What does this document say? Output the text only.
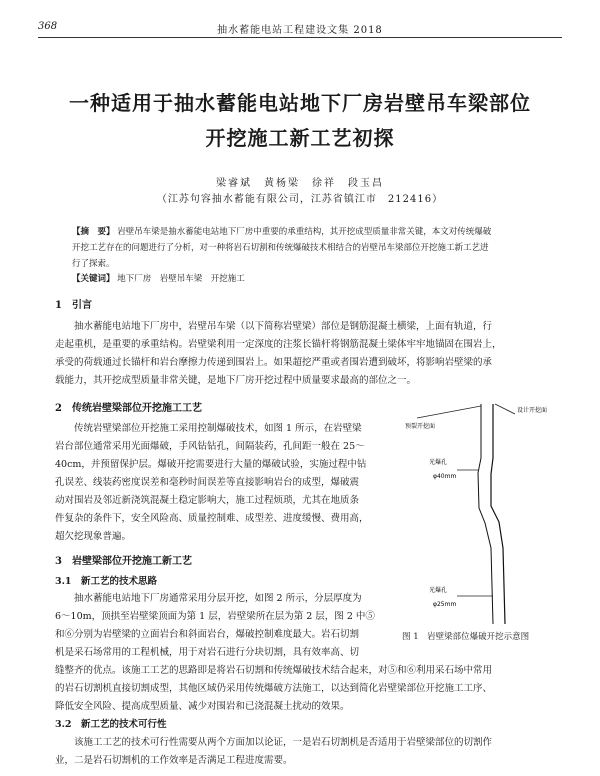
368	抽水蓄能电站工程建设文集 2018
一种适用于抽水蓄能电站地下厂房岩壁吊车梁部位
开挖施工新工艺初探
梁睿斌　黄杨梁　徐祥　段玉昌
（江苏句容抽水蓄能有限公司，江苏省镇江市　212416）
【摘　要】 岩壁吊车梁是抽水蓄能电站地下厂房中重要的承重结构，其开挖成型质量非常关键，本文对传统爆破
开挖工艺存在的问题进行了分析，对一种将岩石切割和传统爆破技术相结合的岩壁吊车梁部位开挖施工新工艺进
行了探索。
【关键词】 地下厂房　岩壁吊车梁　开挖施工
1　引言
抽水蓄能电站地下厂房中，岩壁吊车梁（以下简称岩壁梁）部位是钢筋混凝土横梁，上面有轨道，行
走起重机，是重要的承重结构。岩壁梁利用一定深度的注浆长锚杆将钢筋混凝土梁体牢牢地锚固在围岩上，
承受的荷载通过长锚杆和岩台摩擦力传递到围岩上。如果超挖严重或者围岩遭到破坏，将影响岩壁梁的承
载能力，其开挖成型质量非常关键，是地下厂房开挖过程中质量要求最高的部位之一。
2　传统岩壁梁部位开挖施工工艺
传统岩壁梁部位开挖施工采用控制爆破技术，如图 1 所示，在岩壁梁
岩台部位通常采用光面爆破，手风钻钻孔，间隔装药，孔间距一般在 25～
40cm，并预留保护层。爆破开挖需要进行大量的爆破试验，实施过程中钻
孔误差、线装药密度误差和毫秒时间误差等直接影响岩台的成型，爆破震
动对围岩及邻近新浇筑混凝土稳定影响大，施工过程烦琐，尤其在地质条
件复杂的条件下，安全风险高、质量控制难、成型差、进度缓慢、费用高，
超欠挖现象普遍。
3　岩壁梁部位开挖施工新工艺
3.1　新工艺的技术思路
抽水蓄能电站地下厂房通常采用分层开挖，如图 2 所示，分层厚度为
6～10m，顶拱至岩壁梁顶面为第 1 层，岩壁梁所在层为第 2 层，图 2 中⑤
和⑥分别为岩壁梁的立面岩台和斜面岩台，爆破控制难度最大。岩石切割
机是采石场常用的工程机械，用于对岩石进行分块切割，具有效率高、切
缝整齐的优点。该施工工艺的思路即是将岩石切割和传统爆破技术结合起来，对⑤和⑥利用采石场中常用
的岩石切割机直接切割成型，其他区域仍采用传统爆破方法施工，以达到简化岩壁梁部位开挖施工工序、
降低安全风险、提高成型质量、减少对围岩和已浇混凝土扰动的效果。
3.2　新工艺的技术可行性
该施工工艺的技术可行性需要从两个方面加以论证，一是岩石切割机是否适用于岩壁梁部位的切割作
业，二是岩石切割机的工作效率是否满足工程进度需要。
预裂开挖面
设计开挖面
光爆孔
φ40mm
光爆孔
φ25mm
图 1　岩壁梁部位爆破开挖示意图
